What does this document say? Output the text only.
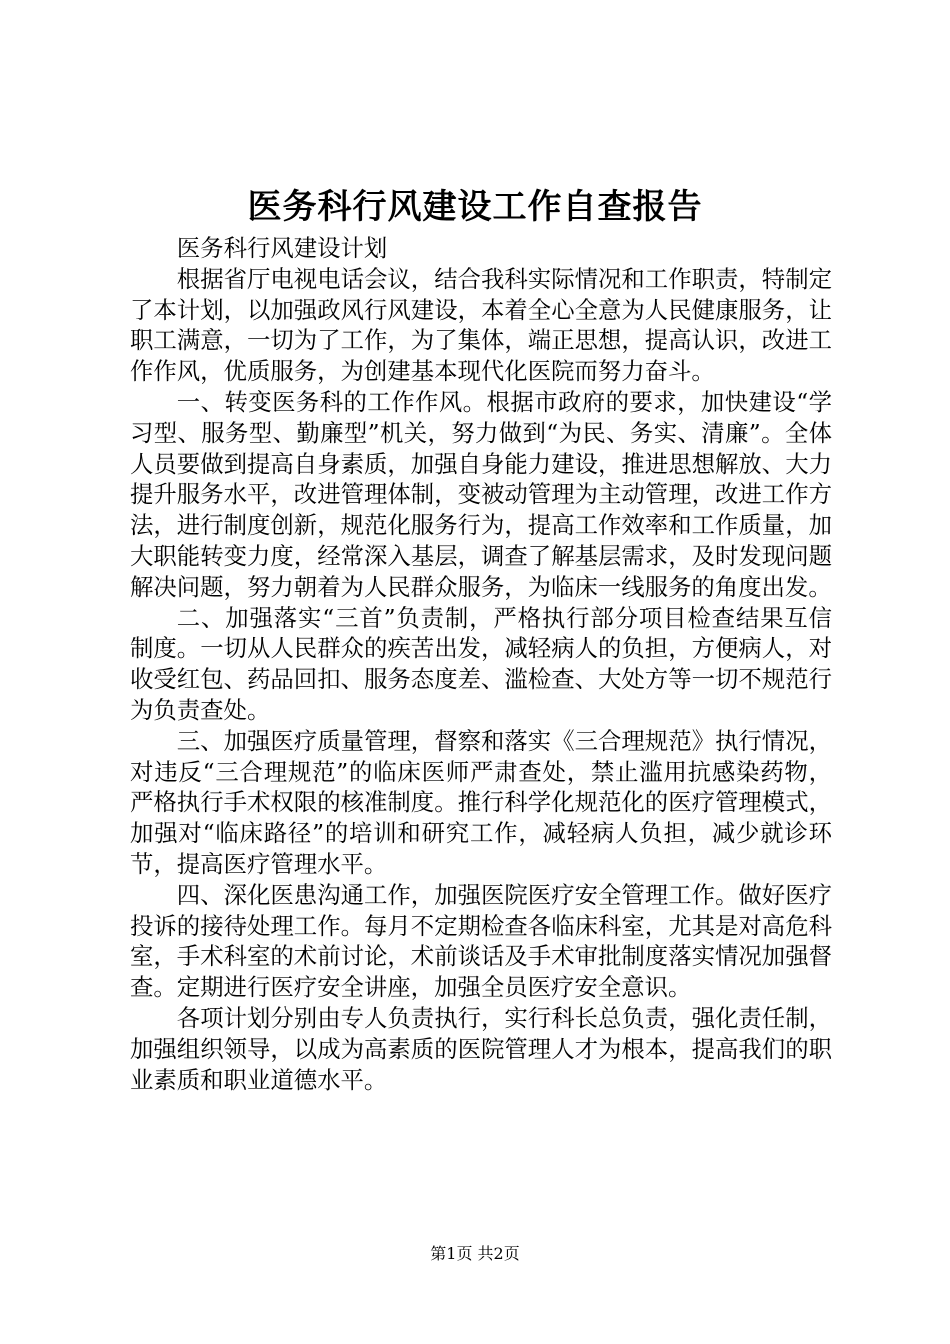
医务科行风建设工作自查报告

医务科行风建设计划

根据省厅电视电话会议，结合我科实际情况和工作职责，特制定了本计划，以加强政风行风建设，本着全心全意为人民健康服务，让职工满意，一切为了工作，为了集体，端正思想，提高认识，改进工作作风，优质服务，为创建基本现代化医院而努力奋斗。

一、转变医务科的工作作风。根据市政府的要求，加快建设“学习型、服务型、勤廉型”机关，努力做到“为民、务实、清廉”。全体人员要做到提高自身素质，加强自身能力建设，推进思想解放、大力提升服务水平，改进管理体制，变被动管理为主动管理，改进工作方法，进行制度创新，规范化服务行为，提高工作效率和工作质量，加大职能转变力度，经常深入基层，调查了解基层需求，及时发现问题解决问题，努力朝着为人民群众服务，为临床一线服务的角度出发。

二、加强落实“三首”负责制，严格执行部分项目检查结果互信制度。一切从人民群众的疾苦出发，减轻病人的负担，方便病人，对收受红包、药品回扣、服务态度差、滥检查、大处方等一切不规范行为负责查处。

三、加强医疗质量管理，督察和落实《三合理规范》执行情况，对违反“三合理规范”的临床医师严肃查处，禁止滥用抗感染药物，严格执行手术权限的核准制度。推行科学化规范化的医疗管理模式，加强对“临床路径”的培训和研究工作，减轻病人负担，减少就诊环节，提高医疗管理水平。

四、深化医患沟通工作，加强医院医疗安全管理工作。做好医疗投诉的接待处理工作。每月不定期检查各临床科室，尤其是对高危科室，手术科室的术前讨论，术前谈话及手术审批制度落实情况加强督查。定期进行医疗安全讲座，加强全员医疗安全意识。

各项计划分别由专人负责执行，实行科长总负责，强化责任制，加强组织领导，以成为高素质的医院管理人才为根本，提高我们的职业素质和职业道德水平。

第1页 共2页
